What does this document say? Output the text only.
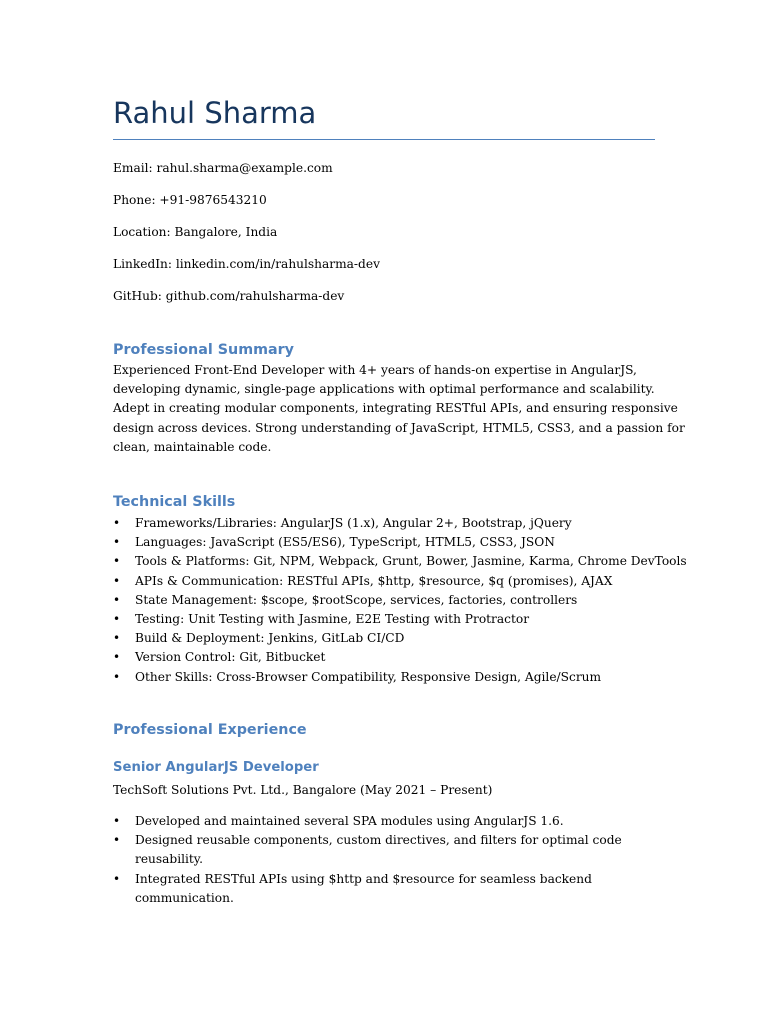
Rahul Sharma

Email: rahul.sharma@example.com

Phone: +91-9876543210

Location: Bangalore, India

LinkedIn: linkedin.com/in/rahulsharma-dev

GitHub: github.com/rahulsharma-dev

Professional Summary
Experienced Front-End Developer with 4+ years of hands-on expertise in AngularJS,
developing dynamic, single-page applications with optimal performance and scalability.
Adept in creating modular components, integrating RESTful APIs, and ensuring responsive
design across devices. Strong understanding of JavaScript, HTML5, CSS3, and a passion for
clean, maintainable code.
Technical Skills
•	Frameworks/Libraries: AngularJS (1.x), Angular 2+, Bootstrap, jQuery
•	Languages: JavaScript (ES5/ES6), TypeScript, HTML5, CSS3, JSON
•	Tools & Platforms: Git, NPM, Webpack, Grunt, Bower, Jasmine, Karma, Chrome DevTools
•	APIs & Communication: RESTful APIs, $http, $resource, $q (promises), AJAX
•	State Management: $scope, $rootScope, services, factories, controllers
•	Testing: Unit Testing with Jasmine, E2E Testing with Protractor
•	Build & Deployment: Jenkins, GitLab CI/CD
•	Version Control: Git, Bitbucket
•	Other Skills: Cross-Browser Compatibility, Responsive Design, Agile/Scrum
Professional Experience
Senior AngularJS Developer

TechSoft Solutions Pvt. Ltd., Bangalore (May 2021 – Present)

•	Developed and maintained several SPA modules using AngularJS 1.6.
•	Designed reusable components, custom directives, and filters for optimal code
reusability.
•	Integrated RESTful APIs using $http and $resource for seamless backend
communication.
